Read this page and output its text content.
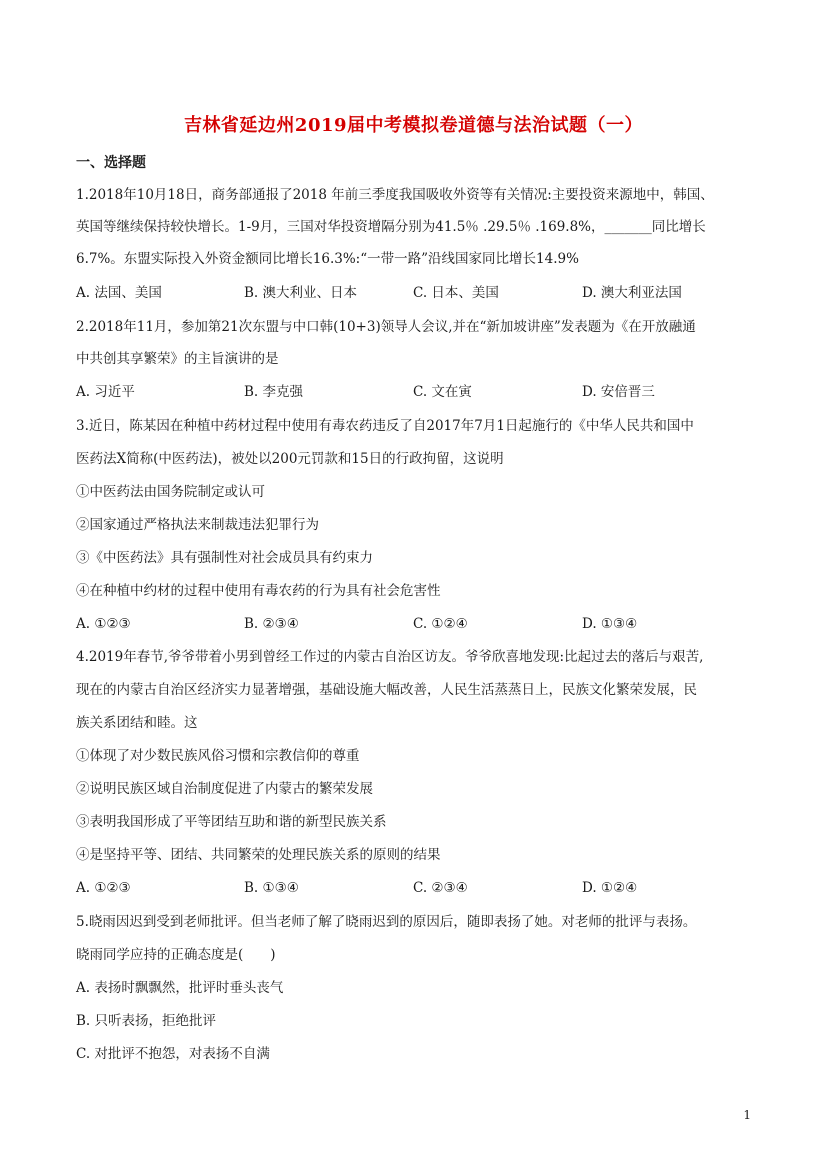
吉林省延边州2019届中考模拟卷道德与法治试题（一）
一、选择题
1.2018年10月18日，商务部通报了2018 年前三季度我国吸收外资等有关情况:主要投资来源地中，韩国、
英国等继续保持较快增长。1-9月，三国对华投资增隔分别为41.5％ .29.5％ .169.8%，_______同比增长
6.7%。东盟实际投入外资金额同比增长16.3%:“一带一路”沿线国家同比增长14.9%
A. 法国、美国	B. 澳大利业、日本	C. 日本、美国	D. 澳大利亚法国
2.2018年11月，参加第21次东盟与中口韩(10+3)领导人会议,并在“新加坡讲座”发表题为《在开放融通
中共创其享繁荣》的主旨演讲的是
A. 习近平	B. 李克强	C. 文在寅	D. 安倍晋三
3.近日，陈某因在种植中药材过程中使用有毒农药违反了自2017年7月1日起施行的《中华人民共和国中
医药法Ⅹ简称(中医药法)，被处以200元罚款和15日的行政拘留，这说明
①中医药法由国务院制定或认可
②国家通过严格执法来制裁违法犯罪行为
③《中医药法》具有强制性对社会成员具有约束力
④在种植中约材的过程中使用有毒农药的行为具有社会危害性
A. ①②③	B. ②③④	C. ①②④	D. ①③④
4.2019年春节,爷爷带着小男到曾经工作过的内蒙古自治区访友。爷爷欣喜地发现:比起过去的落后与艰苦,
现在的内蒙古自治区经济实力显著增强，基础设施大幅改善，人民生活蒸蒸日上，民族文化繁荣发展，民
族关系团结和睦。这
①体现了对少数民族风俗习惯和宗教信仰的尊重
②说明民族区域自治制度促进了内蒙古的繁荣发展
③表明我国形成了平等团结互助和谐的新型民族关系
④是坚持平等、团结、共同繁荣的处理民族关系的原则的结果
A. ①②③	B. ①③④	C. ②③④	D. ①②④
5.晓雨因迟到受到老师批评。但当老师了解了晓雨迟到的原因后，随即表扬了她。对老师的批评与表扬。
晓雨同学应持的正确态度是(　　)
A. 表扬时飘飘然，批评时垂头丧气
B. 只听表扬，拒绝批评
C. 对批评不抱怨，对表扬不自满
1
